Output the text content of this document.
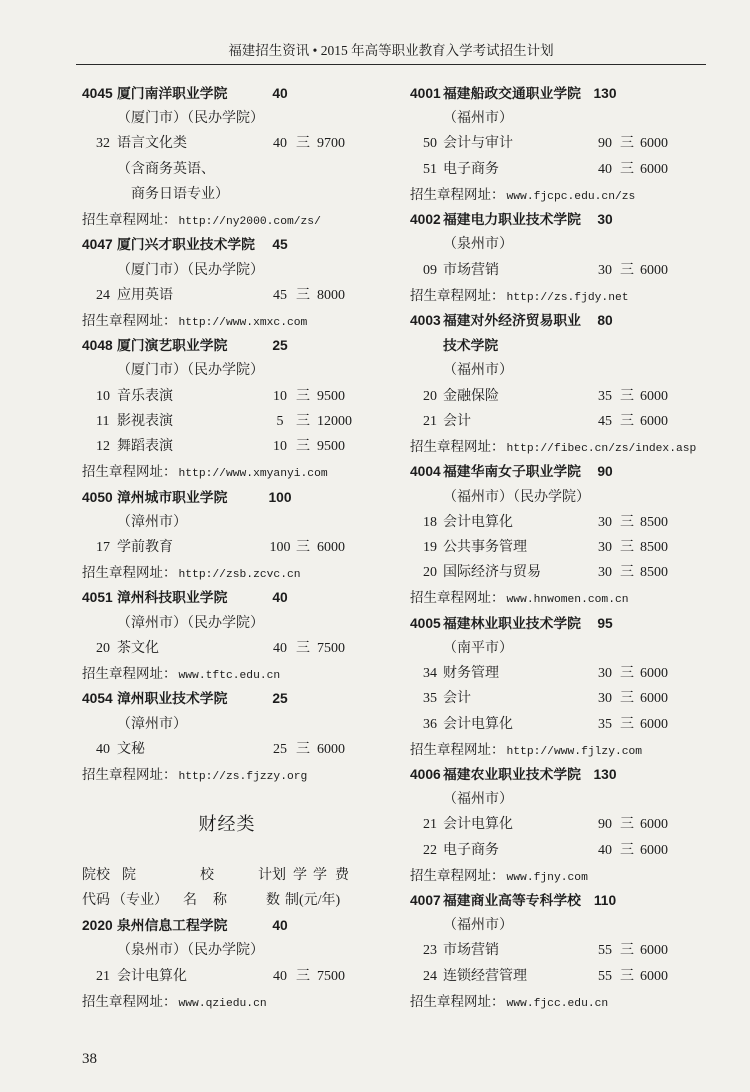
福建招生资讯 • 2015 年高等职业教育入学考试招生计划
4045 厦门南洋职业学院	40
（厦门市）（民办学院）
32 语言文化类	40 三 9700
（含商务英语、
商务日语专业）
招生章程网址： http://ny2000.com/zs/
4047 厦门兴才职业技术学院	45
（厦门市）（民办学院）
24 应用英语	45 三 8000
招生章程网址： http://www.xmxc.com
4048 厦门演艺职业学院	25
（厦门市）（民办学院）
10 音乐表演	10 三 9500
11 影视表演	5 三 12000
12 舞蹈表演	10 三 9500
招生章程网址： http://www.xmyanyi.com
4050 漳州城市职业学院	100
（漳州市）
17 学前教育	100 三 6000
招生章程网址： http://zsb.zcvc.cn
4051 漳州科技职业学院	40
（漳州市）（民办学院）
20 茶文化	40 三 7500
招生章程网址： www.tftc.edu.cn
4054 漳州职业技术学院	25
（漳州市）
40 文秘	25 三 6000
招生章程网址： http://zs.fjzzy.org
财经类
院校 院	校	计划 学 学 费
代码 （专业） 名 称	数 制(元/年)
2020 泉州信息工程学院	40
（泉州市）（民办学院）
21 会计电算化	40 三 7500
招生章程网址： www.qziedu.cn
4001 福建船政交通职业学院 130
（福州市）
50 会计与审计	90 三 6000
51 电子商务	40 三 6000
招生章程网址： www.fjcpc.edu.cn/zs
4002 福建电力职业技术学院	30
（泉州市）
09 市场营销	30 三 6000
招生章程网址： http://zs.fjdy.net
4003 福建对外经济贸易职业	80
技术学院
（福州市）
20 金融保险	35 三 6000
21 会计	45 三 6000
招生章程网址： http://fibec.cn/zs/index.asp
4004 福建华南女子职业学院	90
（福州市）（民办学院）
18 会计电算化	30 三 8500
19 公共事务管理	30 三 8500
20 国际经济与贸易	30 三 8500
招生章程网址： www.hnwomen.com.cn
4005 福建林业职业技术学院	95
（南平市）
34 财务管理	30 三 6000
35 会计	30 三 6000
36 会计电算化	35 三 6000
招生章程网址： http://www.fjlzy.com
4006 福建农业职业技术学院 130
（福州市）
21 会计电算化	90 三 6000
22 电子商务	40 三 6000
招生章程网址： www.fjny.com
4007 福建商业高等专科学校 110
（福州市）
23 市场营销	55 三 6000
24 连锁经营管理	55 三 6000
招生章程网址： www.fjcc.edu.cn
38
